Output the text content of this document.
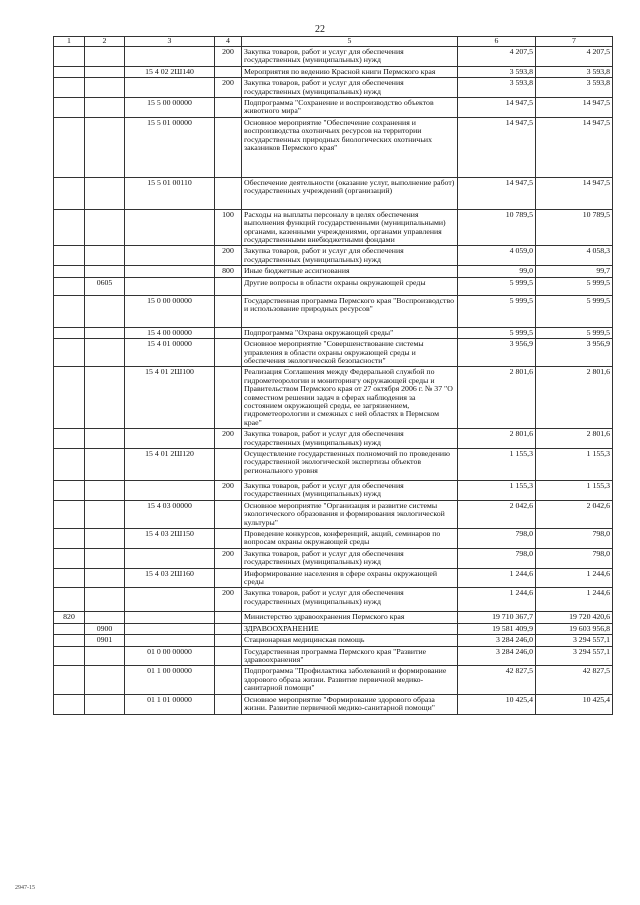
22
1	2	3	4	5	6	7
			200	Закупка товаров, работ и услуг для обеспечения государственных (муниципальных) нужд	4 207,5	4 207,5
		15 4 02 2Ш140		Мероприятия по ведению Красной книги Пермского края	3 593,8	3 593,8
			200	Закупка товаров, работ и услуг для обеспечения государственных (муниципальных) нужд	3 593,8	3 593,8
		15 5 00 00000		Подпрограмма "Сохранение и воспроизводство объектов животного мира"	14 947,5	14 947,5
		15 5 01 00000		Основное мероприятие "Обеспечение сохранения и воспроизводства охотничьих ресурсов на территории государственных природных биологических охотничьих заказников Пермского края"	14 947,5	14 947,5
		15 5 01 00110		Обеспечение деятельности (оказание услуг, выполнение работ) государственных учреждений (организаций)	14 947,5	14 947,5
			100	Расходы на выплаты персоналу в целях обеспечения выполнения функций государственными (муниципальными) органами, казенными учреждениями, органами управления государственными внебюджетными фондами	10 789,5	10 789,5
			200	Закупка товаров, работ и услуг для обеспечения государственных (муниципальных) нужд	4 059,0	4 058,3
			800	Иные бюджетные ассигнования	99,0	99,7
	0605			Другие вопросы в области охраны окружающей среды	5 999,5	5 999,5
		15 0 00 00000		Государственная программа Пермского края "Воспроизводство и использование природных ресурсов"	5 999,5	5 999,5
		15 4 00 00000		Подпрограмма "Охрана окружающей среды"	5 999,5	5 999,5
		15 4 01 00000		Основное мероприятие "Совершенствование системы управления в области охраны окружающей среды и обеспечения экологической безопасности"	3 956,9	3 956,9
		15 4 01 2Ш100		Реализация Соглашения между Федеральной службой по гидрометеорологии и мониторингу окружающей среды и Правительством Пермского края от 27 октября 2006 г. № 37 "О совместном решении задач в сферах наблюдения за состоянием окружающей среды, ее загрязнением, гидрометеорологии и смежных с ней областях в Пермском крае"	2 801,6	2 801,6
			200	Закупка товаров, работ и услуг для обеспечения государственных (муниципальных) нужд	2 801,6	2 801,6
		15 4 01 2Ш120		Осуществление государственных полномочий по проведению государственной экологической экспертизы объектов регионального уровня	1 155,3	1 155,3
			200	Закупка товаров, работ и услуг для обеспечения государственных (муниципальных) нужд	1 155,3	1 155,3
		15 4 03 00000		Основное мероприятие "Организация и развитие системы экологического образования и формирования экологической культуры"	2 042,6	2 042,6
		15 4 03 2Ш150		Проведение конкурсов, конференций, акций, семинаров по вопросам охраны окружающей среды	798,0	798,0
			200	Закупка товаров, работ и услуг для обеспечения государственных (муниципальных) нужд	798,0	798,0
		15 4 03 2Ш160		Информирование населения в сфере охраны окружающей среды	1 244,6	1 244,6
			200	Закупка товаров, работ и услуг для обеспечения государственных (муниципальных) нужд	1 244,6	1 244,6
820				Министерство здравоохранения Пермского края	19 710 367,7	19 720 420,6
	0900			ЗДРАВООХРАНЕНИЕ	19 581 409,9	19 603 956,8
	0901			Стационарная медицинская помощь	3 284 246,0	3 294 557,1
		01 0 00 00000		Государственная программа Пермского края "Развитие здравоохранения"	3 284 246,0	3 294 557,1
		01 1 00 00000		Подпрограмма "Профилактика заболеваний и формирование здорового образа жизни. Развитие первичной медико-санитарной помощи"	42 827,5	42 827,5
		01 1 01 00000		Основное мероприятие "Формирование здорового образа жизни. Развитие первичной медико-санитарной помощи"	10 425,4	10 425,4
2947-15
